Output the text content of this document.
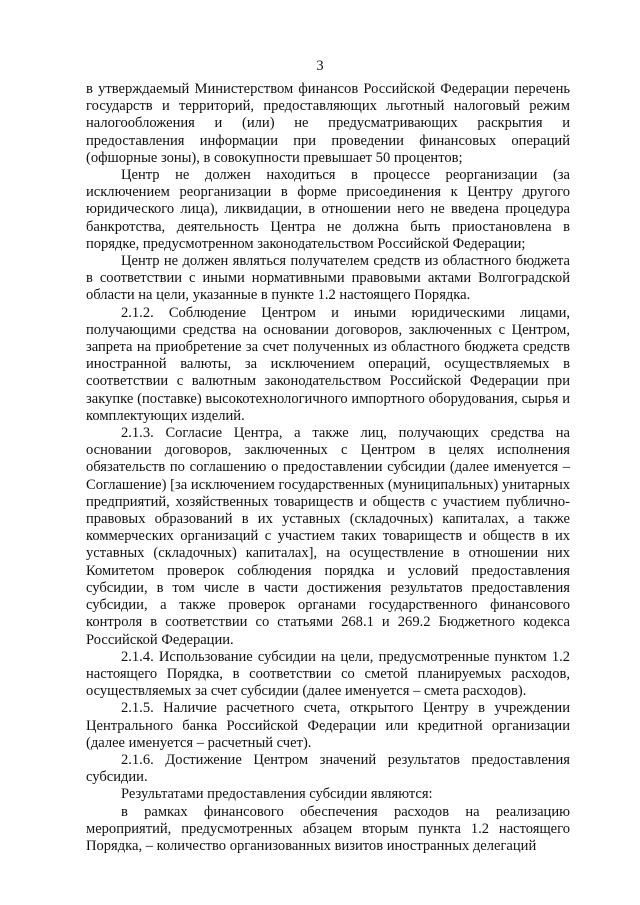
3

в утверждаемый Министерством финансов Российской Федерации перечень государств и территорий, предоставляющих льготный налоговый режим налогообложения и (или) не предусматривающих раскрытия и предоставления информации при проведении финансовых операций (офшорные зоны), в совокупности превышает 50 процентов;

Центр не должен находиться в процессе реорганизации (за исключением реорганизации в форме присоединения к Центру другого юридического лица), ликвидации, в отношении него не введена процедура банкротства, деятельность Центра не должна быть приостановлена в порядке, предусмотренном законодательством Российской Федерации;

Центр не должен являться получателем средств из областного бюджета в соответствии с иными нормативными правовыми актами Волгоградской области на цели, указанные в пункте 1.2 настоящего Порядка.

2.1.2. Соблюдение Центром и иными юридическими лицами, получающими средства на основании договоров, заключенных с Центром, запрета на приобретение за счет полученных из областного бюджета средств иностранной валюты, за исключением операций, осуществляемых в соответствии с валютным законодательством Российской Федерации при закупке (поставке) высокотехнологичного импортного оборудования, сырья и комплектующих изделий.

2.1.3. Согласие Центра, а также лиц, получающих средства на основании договоров, заключенных с Центром в целях исполнения обязательств по соглашению о предоставлении субсидии (далее именуется – Соглашение) [за исключением государственных (муниципальных) унитарных предприятий, хозяйственных товариществ и обществ с участием публично-правовых образований в их уставных (складочных) капиталах, а также коммерческих организаций с участием таких товариществ и обществ в их уставных (складочных) капиталах], на осуществление в отношении них Комитетом проверок соблюдения порядка и условий предоставления субсидии, в том числе в части достижения результатов предоставления субсидии, а также проверок органами государственного финансового контроля в соответствии со статьями 268.1 и 269.2 Бюджетного кодекса Российской Федерации.

2.1.4. Использование субсидии на цели, предусмотренные пунктом 1.2 настоящего Порядка, в соответствии со сметой планируемых расходов, осуществляемых за счет субсидии (далее именуется – смета расходов).

2.1.5. Наличие расчетного счета, открытого Центру в учреждении Центрального банка Российской Федерации или кредитной организации (далее именуется – расчетный счет).

2.1.6. Достижение Центром значений результатов предоставления субсидии.

Результатами предоставления субсидии являются:

в рамках финансового обеспечения расходов на реализацию мероприятий, предусмотренных абзацем вторым пункта 1.2 настоящего Порядка, – количество организованных визитов иностранных делегаций
